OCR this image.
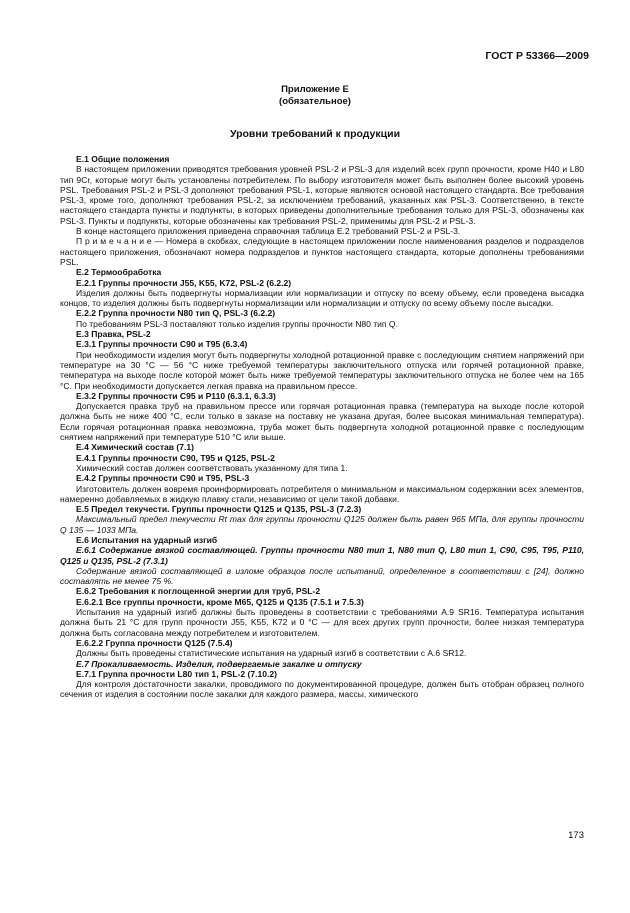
ГОСТ Р 53366—2009
Приложение Е
(обязательное)
Уровни требований к продукции

Е.1 Общие положения

В настоящем приложении приводятся требования уровней PSL-2 и PSL-3 для изделий всех групп прочности, кроме Н40 и L80 тип 9Cr, которые могут быть установлены потребителем. По выбору изготовителя может быть выполнен более высокий уровень PSL. Требования PSL-2 и PSL-3 дополняют требования PSL-1, которые являются основой настоящего стандарта. Все требования PSL-3, кроме того, дополняют требования PSL-2, за исключением требований, указанных как PSL-3. Соответственно, в тексте настоящего стандарта пункты и подпункты, в которых приведены дополнительные требования только для PSL-3, обозначены как PSL-3. Пункты и подпункты, которые обозначены как требования PSL-2, применимы для PSL-2 и PSL-3.

В конце настоящего приложения приведена справочная таблица Е.2 требований PSL-2 и PSL-3.

П р и м е ч а н и е — Номера в скобках, следующие в настоящем приложении после наименования разделов и подразделов настоящего приложения, обозначают номера подразделов и пунктов настоящего стандарта, которые дополнены требованиями PSL.

Е.2 Термообработка

Е.2.1 Группы прочности J55, K55, K72, PSL-2 (6.2.2)

Изделия должны быть подвергнуты нормализации или нормализации и отпуску по всему объему, если проведена высадка концов, то изделия должны быть подвергнуты нормализации или нормализации и отпуску по всему объему после высадки.

Е.2.2 Группа прочности N80 тип Q, PSL-3 (6.2.2)

По требованиям PSL-3 поставляют только изделия группы прочности N80 тип Q.

Е.3 Правка, PSL-2

Е.3.1 Группы прочности С90 и Т95 (6.3.4)

При необходимости изделия могут быть подвергнуты холодной ротационной правке с последующим снятием напряжений при температуре на 30 °С — 56 °С ниже требуемой температуры заключительного отпуска или горячей ротационной правке, температура на выходе после которой может быть ниже требуемой температуры заключительного отпуска не более чем на 165 °С. При необходимости допускается легкая правка на правильном прессе.

Е.3.2 Группы прочности С95 и Р110 (6.3.1, 6.3.3)

Допускается правка труб на правильном прессе или горячая ротационная правка (температура на выходе после которой должна быть не ниже 400 °С, если только в заказе на поставку не указана другая, более высокая минимальная температура). Если горячая ротационная правка невозможна, труба может быть подвергнута холодной ротационной правке с последующим снятием напряжений при температуре 510 °С или выше.

Е.4 Химический состав (7.1)

Е.4.1 Группы прочности С90, Т95 и Q125, PSL-2

Химический состав должен соответствовать указанному для типа 1.

Е.4.2 Группы прочности С90 и Т95, PSL-3

Изготовитель должен вовремя проинформировать потребителя о минимальном и максимальном содержании всех элементов, намеренно добавляемых в жидкую плавку стали, независимо от цели такой добавки.

Е.5 Предел текучести. Группы прочности Q125 и Q135, PSL-3 (7.2.3)

Максимальный предел текучести Rt max для группы прочности Q125 должен быть равен 965 МПа, для группы прочности Q 135 — 1033 МПа.

Е.6 Испытания на ударный изгиб

Е.6.1 Содержание вязкой составляющей. Группы прочности N80 тип 1, N80 тип Q, L80 тип 1, С90, С95, Т95, Р110, Q125 и Q135, PSL-2 (7.3.1)

Содержание вязкой составляющей в изломе образцов после испытаний, определенное в соответствии с [24], должно составлять не менее 75 %.

Е.6.2 Требования к поглощенной энергии для труб, PSL-2

Е.6.2.1 Все группы прочности, кроме М65, Q125 и Q135 (7.5.1 и 7.5.3)

Испытания на ударный изгиб должны быть проведены в соответствии с требованиями А.9 SR16. Температура испытания должна быть 21 °С для групп прочности J55, K55, K72 и 0 °С — для всех других групп прочности, более низкая температура должна быть согласована между потребителем и изготовителем.

Е.6.2.2 Группа прочности Q125 (7.5.4)

Должны быть проведены статистические испытания на ударный изгиб в соответствии с А.6 SR12.

Е.7 Прокаливаемость. Изделия, подвергаемые закалке и отпуску

Е.7.1 Группа прочности L80 тип 1, PSL-2 (7.10.2)

Для контроля достаточности закалки, проводимого по документированной процедуре, должен быть отобран образец полного сечения от изделия в состоянии после закалки для каждого размера, массы, химического

173
